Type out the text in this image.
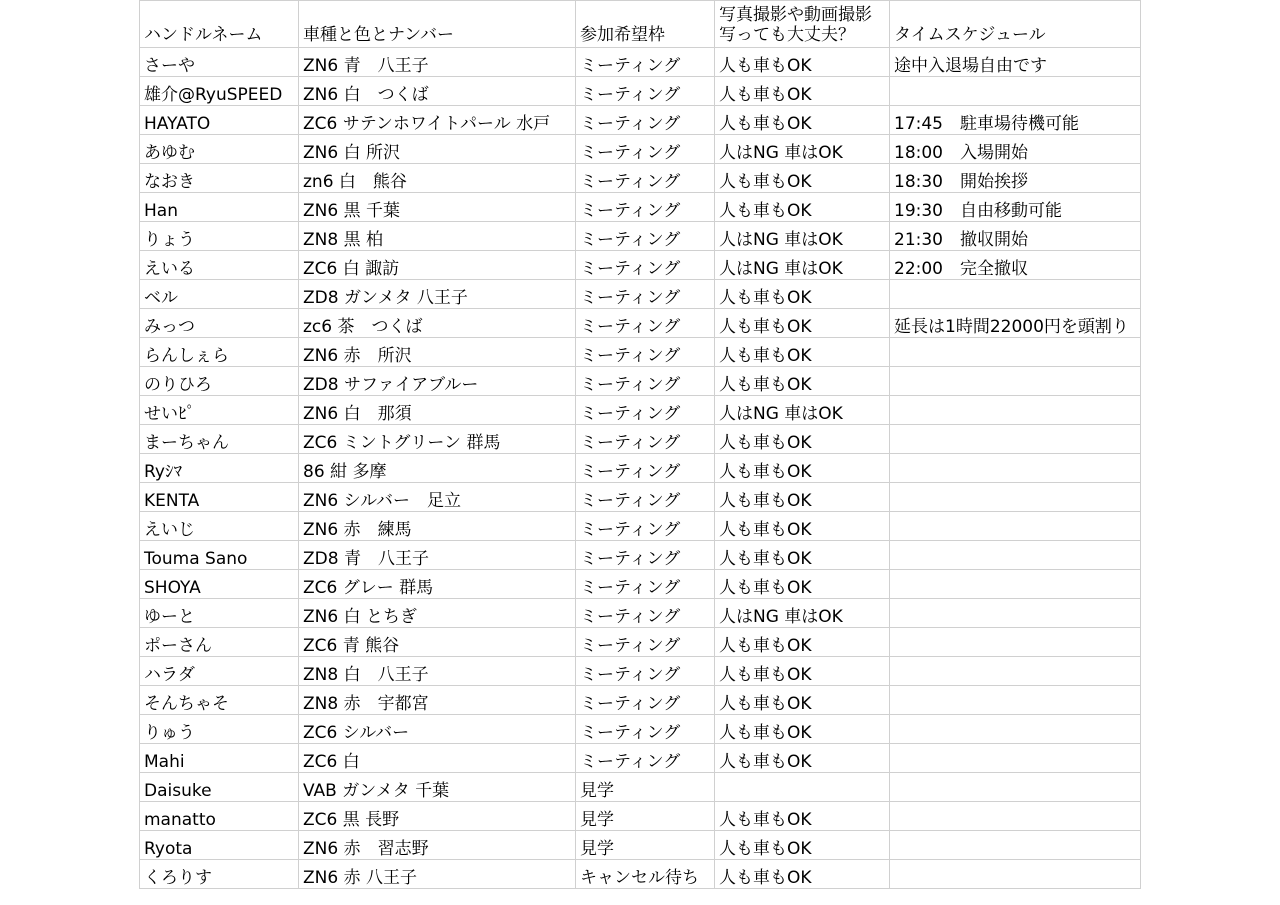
ハンドルネーム	車種と色とナンバー	参加希望枠	写真撮影や動画撮影
写っても大丈夫？	タイムスケジュール
さーや	ZN6 青　八王子	ミーティング	人も車もOK	途中入退場自由です
雄介@RyuSPEED	ZN6 白　つくば	ミーティング	人も車もOK	
HAYATO	ZC6 サテンホワイトパール 水戸	ミーティング	人も車もOK	17:45　駐車場待機可能
あゆむ	ZN6 白 所沢	ミーティング	人はNG 車はOK	18:00　入場開始
なおき	zn6 白　熊谷	ミーティング	人も車もOK	18:30　開始挨拶
Han	ZN6 黒 千葉	ミーティング	人も車もOK	19:30　自由移動可能
りょう	ZN8 黒 柏	ミーティング	人はNG 車はOK	21:30　撤収開始
えいる	ZC6 白 諏訪	ミーティング	人はNG 車はOK	22:00　完全撤収
ベル	ZD8 ガンメタ 八王子	ミーティング	人も車もOK	
みっつ	zc6 茶　つくば	ミーティング	人も車もOK	延長は1時間22000円を頭割り
らんしぇら	ZN6 赤　所沢	ミーティング	人も車もOK	
のりひろ	ZD8 サファイアブルー	ミーティング	人も車もOK	
せいﾋﾟ	ZN6 白　那須	ミーティング	人はNG 車はOK	
まーちゃん	ZC6 ミントグリーン 群馬	ミーティング	人も車もOK	
Ryｼﾏ	86 紺 多摩	ミーティング	人も車もOK	
KENTA	ZN6 シルバー　足立	ミーティング	人も車もOK	
えいじ	ZN6 赤　練馬	ミーティング	人も車もOK	
Touma Sano	ZD8 青　八王子	ミーティング	人も車もOK	
SHOYA	ZC6 グレー 群馬	ミーティング	人も車もOK	
ゆーと	ZN6 白 とちぎ	ミーティング	人はNG 車はOK	
ポーさん	ZC6 青 熊谷	ミーティング	人も車もOK	
ハラダ	ZN8 白　八王子	ミーティング	人も車もOK	
そんちゃそ	ZN8 赤　宇都宮	ミーティング	人も車もOK	
りゅう	ZC6 シルバー	ミーティング	人も車もOK	
Mahi	ZC6 白	ミーティング	人も車もOK	
Daisuke	VAB ガンメタ 千葉	見学		
manatto	ZC6 黒 長野	見学	人も車もOK	
Ryota	ZN6 赤　習志野	見学	人も車もOK	
くろりす	ZN6 赤 八王子	キャンセル待ち	人も車もOK	
